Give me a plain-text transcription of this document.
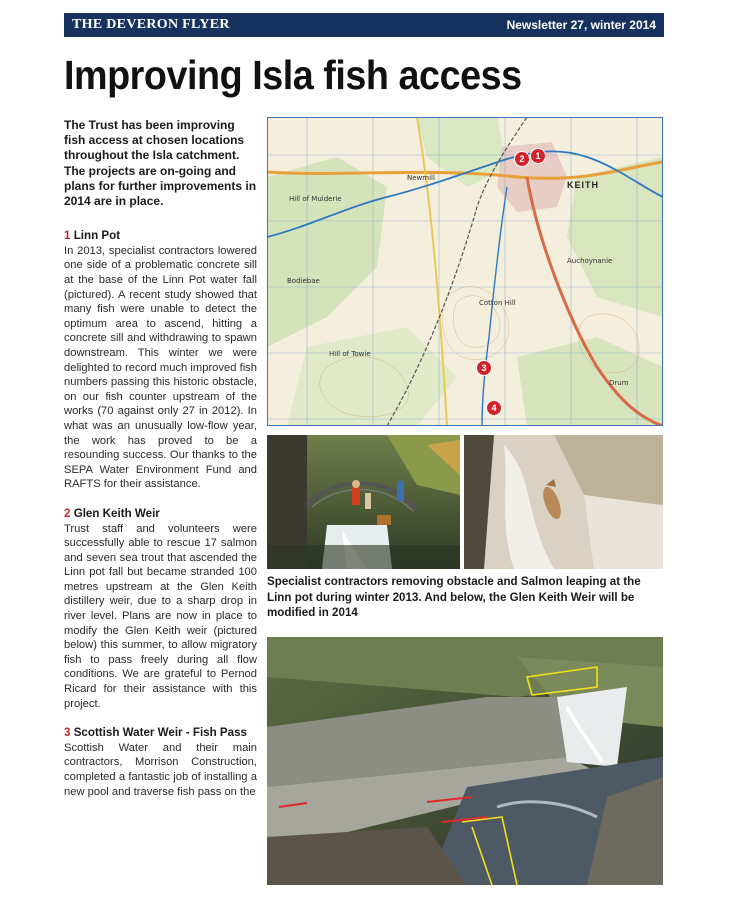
THE DEVERON FLYER	Newsletter 27, winter 2014
Improving Isla fish access

The Trust has been improving fish access at chosen locations throughout the Isla catchment. The projects are on-going and plans for further improvements in 2014 are in place.

1 Linn Pot

In 2013, specialist contractors lowered one side of a problematic concrete sill at the base of the Linn Pot water fall (pictured). A recent study showed that many fish were unable to detect the optimum area to ascend, hitting a concrete sill and withdrawing to spawn downstream. This winter we were delighted to record much improved fish numbers passing this historic obstacle, on our fish counter upstream of the works (70 against only 27 in 2012). In what was an unusually low-flow year, the work has proved to be a resounding success. Our thanks to the SEPA Water Environment Fund and RAFTS for their assistance.

2 Glen Keith Weir

Trust staff and volunteers were successfully able to rescue 17 salmon and seven sea trout that ascended the Linn pot fall but became stranded 100 metres upstream at the Glen Keith distillery weir, due to a sharp drop in river level. Plans are now in place to modify the Glen Keith weir (pictured below) this summer, to allow migratory fish to pass freely during all flow conditions. We are grateful to Pernod Ricard for their assistance with this project.

3 Scottish Water Weir - Fish Pass

Scottish Water and their main contractors, Morrison Construction, completed a fantastic job of installing a new pool and traverse fish pass on the

KEITH
Hill of Towie
Cotton Hill
Hill of Mulderie
Auchoynanie
Newmill
Drum
Bodiebae
1
2
3
4
Specialist contractors removing obstacle and Salmon leaping at the Linn pot during winter 2013. And below, the Glen Keith Weir will be modified in 2014
